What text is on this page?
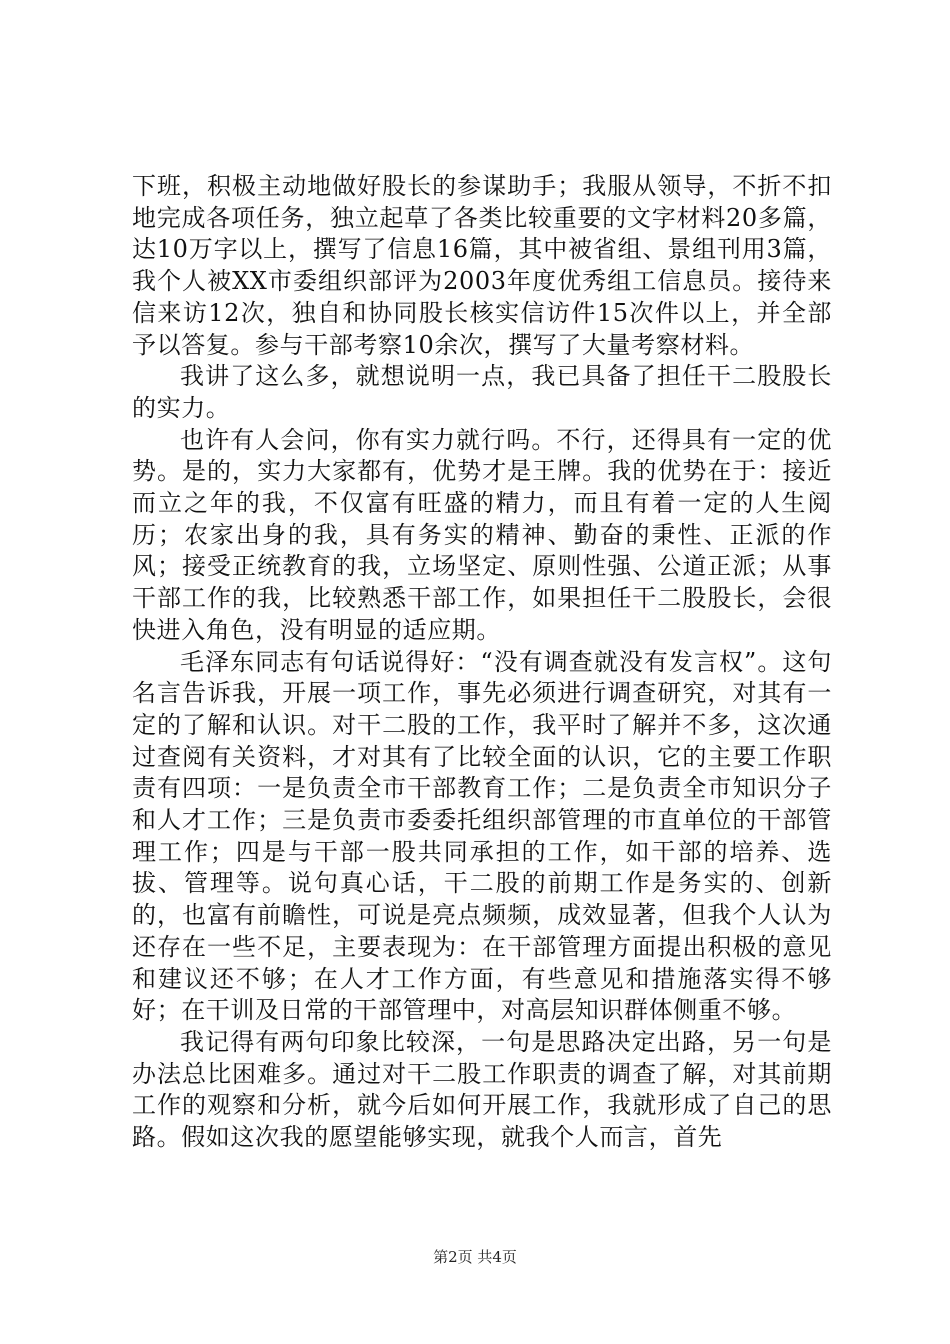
下班，积极主动地做好股长的参谋助手；我服从领导，不折不扣地完成各项任务，独立起草了各类比较重要的文字材料20多篇，达10万字以上，撰写了信息16篇，其中被省组、景组刊用3篇，我个人被XX市委组织部评为2003年度优秀组工信息员。接待来信来访12次，独自和协同股长核实信访件15次件以上，并全部予以答复。参与干部考察10余次，撰写了大量考察材料。

我讲了这么多，就想说明一点，我已具备了担任干二股股长的实力。

也许有人会问，你有实力就行吗。不行，还得具有一定的优势。是的，实力大家都有，优势才是王牌。我的优势在于：接近而立之年的我，不仅富有旺盛的精力，而且有着一定的人生阅历；农家出身的我，具有务实的精神、勤奋的秉性、正派的作风；接受正统教育的我，立场坚定、原则性强、公道正派；从事干部工作的我，比较熟悉干部工作，如果担任干二股股长，会很快进入角色，没有明显的适应期。

毛泽东同志有句话说得好：“没有调查就没有发言权”。这句名言告诉我，开展一项工作，事先必须进行调查研究，对其有一定的了解和认识。对干二股的工作，我平时了解并不多，这次通过查阅有关资料，才对其有了比较全面的认识，它的主要工作职责有四项：一是负责全市干部教育工作；二是负责全市知识分子和人才工作；三是负责市委委托组织部管理的市直单位的干部管理工作；四是与干部一股共同承担的工作，如干部的培养、选拔、管理等。说句真心话，干二股的前期工作是务实的、创新的，也富有前瞻性，可说是亮点频频，成效显著，但我个人认为还存在一些不足，主要表现为：在干部管理方面提出积极的意见和建议还不够；在人才工作方面，有些意见和措施落实得不够好；在干训及日常的干部管理中，对高层知识群体侧重不够。

我记得有两句印象比较深，一句是思路决定出路，另一句是办法总比困难多。通过对干二股工作职责的调查了解，对其前期工作的观察和分析，就今后如何开展工作，我就形成了自己的思路。假如这次我的愿望能够实现，就我个人而言，首先

第2页 共4页
